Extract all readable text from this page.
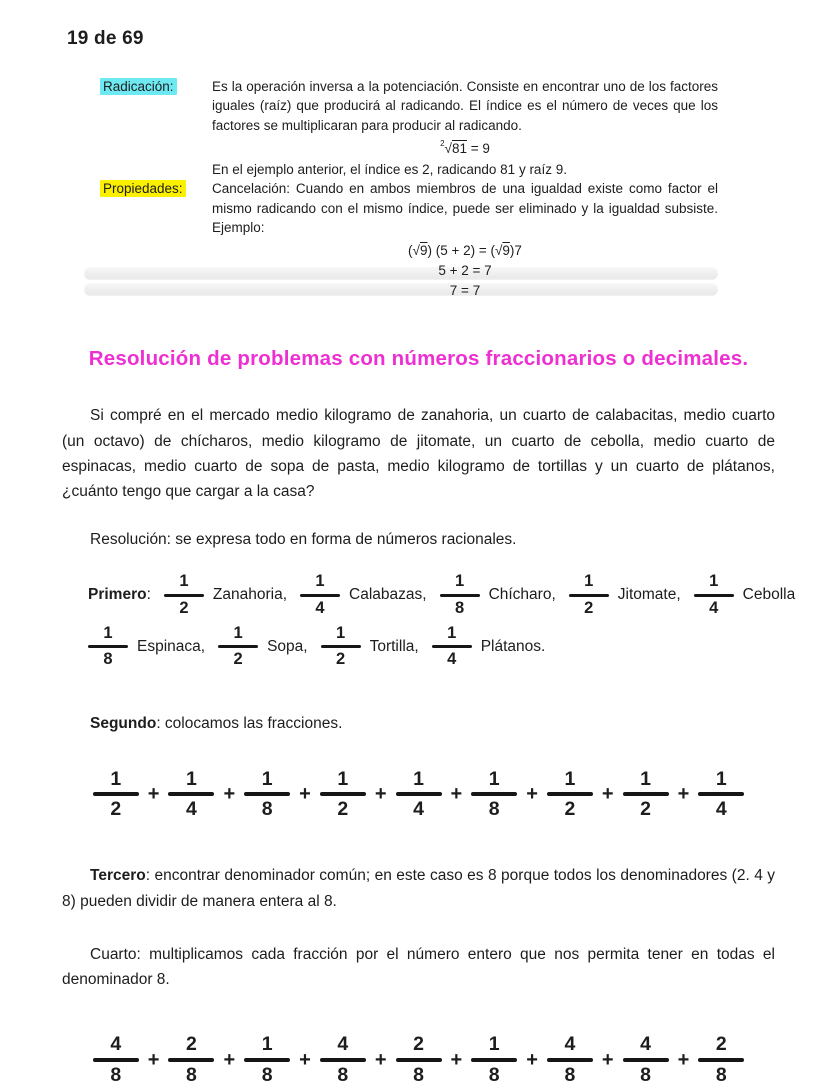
19 de 69
Radicación:	Es la operación inversa a la potenciación. Consiste en encontrar uno de los factores iguales (raíz) que producirá al radicando. El índice es el número de veces que los factores se multiplicaran para producir al radicando.

$^2$√81 = 9

En el ejemplo anterior, el índice es 2, radicando 81 y raíz 9.

Propiedades:	Cancelación: Cuando en ambos miembros de una igualdad existe como factor el mismo radicando con el mismo índice, puede ser eliminado y la igualdad subsiste. Ejemplo:

(√9) (5 + 2) = (√9)7
5 + 2 = 7
7 = 7
Resolución de problemas con números fraccionarios o decimales.

Si compré en el mercado medio kilogramo de zanahoria, un cuarto de calabacitas, medio cuarto (un octavo) de chícharos, medio kilogramo de jitomate, un cuarto de cebolla, medio cuarto de espinacas, medio cuarto de sopa de pasta, medio kilogramo de tortillas y un cuarto de plátanos, ¿cuánto tengo que cargar a la casa?

Resolución: se expresa todo en forma de números racionales.

Primero: $\frac{1}{2}$ Zanahoria, $\frac{1}{4}$ Calabazas, $\frac{1}{8}$ Chícharo, $\frac{1}{2}$ Jitomate, $\frac{1}{4}$ Cebolla
$\frac{1}{8}$ Espinaca, $\frac{1}{2}$ Sopa, $\frac{1}{2}$ Tortilla, $\frac{1}{4}$ Plátanos.

Segundo: colocamos las fracciones.

$\frac{1}{2} + \frac{1}{4} + \frac{1}{8} + \frac{1}{2} + \frac{1}{4} + \frac{1}{8} + \frac{1}{2} + \frac{1}{2} + \frac{1}{4}$

Tercero: encontrar denominador común; en este caso es 8 porque todos los denominadores (2. 4 y 8) pueden dividir de manera entera al 8.

Cuarto: multiplicamos cada fracción por el número entero que nos permita tener en todas el denominador 8.

$\frac{4}{8} + \frac{2}{8} + \frac{1}{8} + \frac{4}{8} + \frac{2}{8} + \frac{1}{8} + \frac{4}{8} + \frac{4}{8} + \frac{2}{8}$
